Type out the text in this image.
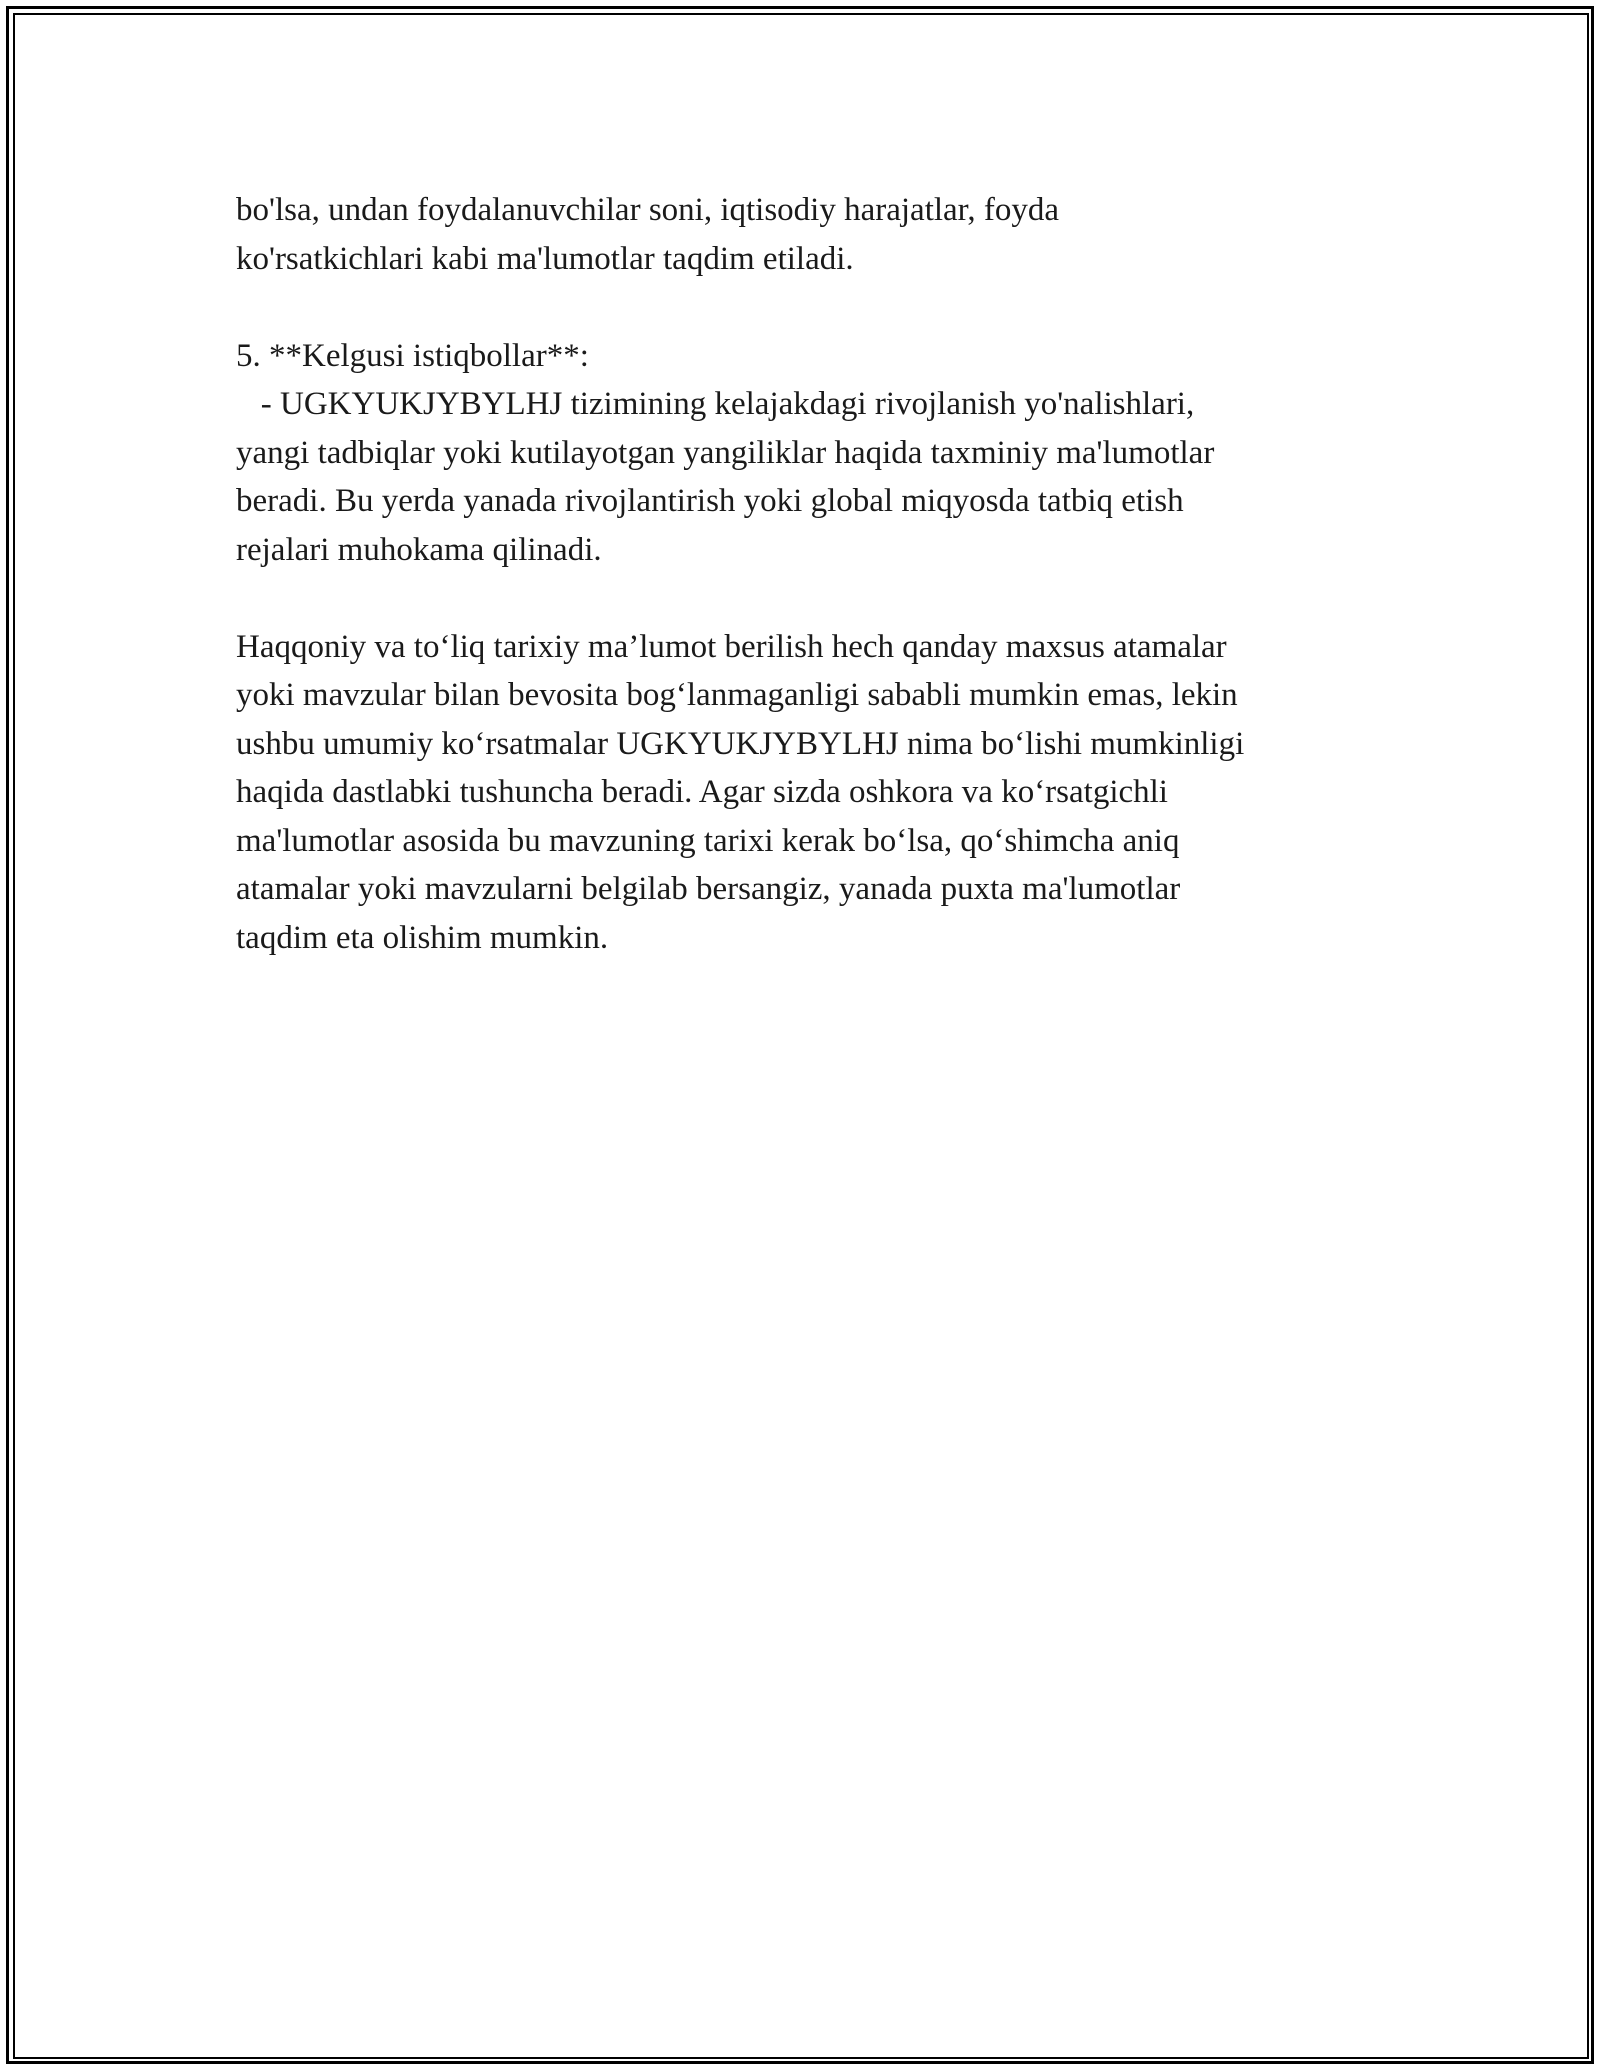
bo'lsa, undan foydalanuvchilar soni, iqtisodiy harajatlar, foyda

ko'rsatkichlari kabi ma'lumotlar taqdim etiladi.

5. **Kelgusi istiqbollar**:

- UGKYUKJYBYLHJ tizimining kelajakdagi rivojlanish yo'nalishlari,

yangi tadbiqlar yoki kutilayotgan yangiliklar haqida taxminiy ma'lumotlar

beradi. Bu yerda yanada rivojlantirish yoki global miqyosda tatbiq etish

rejalari muhokama qilinadi.

Haqqoniy va to‘liq tarixiy ma’lumot berilish hech qanday maxsus atamalar

yoki mavzular bilan bevosita bog‘lanmaganligi sababli mumkin emas, lekin

ushbu umumiy ko‘rsatmalar UGKYUKJYBYLHJ nima bo‘lishi mumkinligi

haqida dastlabki tushuncha beradi. Agar sizda oshkora va ko‘rsatgichli

ma'lumotlar asosida bu mavzuning tarixi kerak bo‘lsa, qo‘shimcha aniq

atamalar yoki mavzularni belgilab bersangiz, yanada puxta ma'lumotlar

taqdim eta olishim mumkin.
